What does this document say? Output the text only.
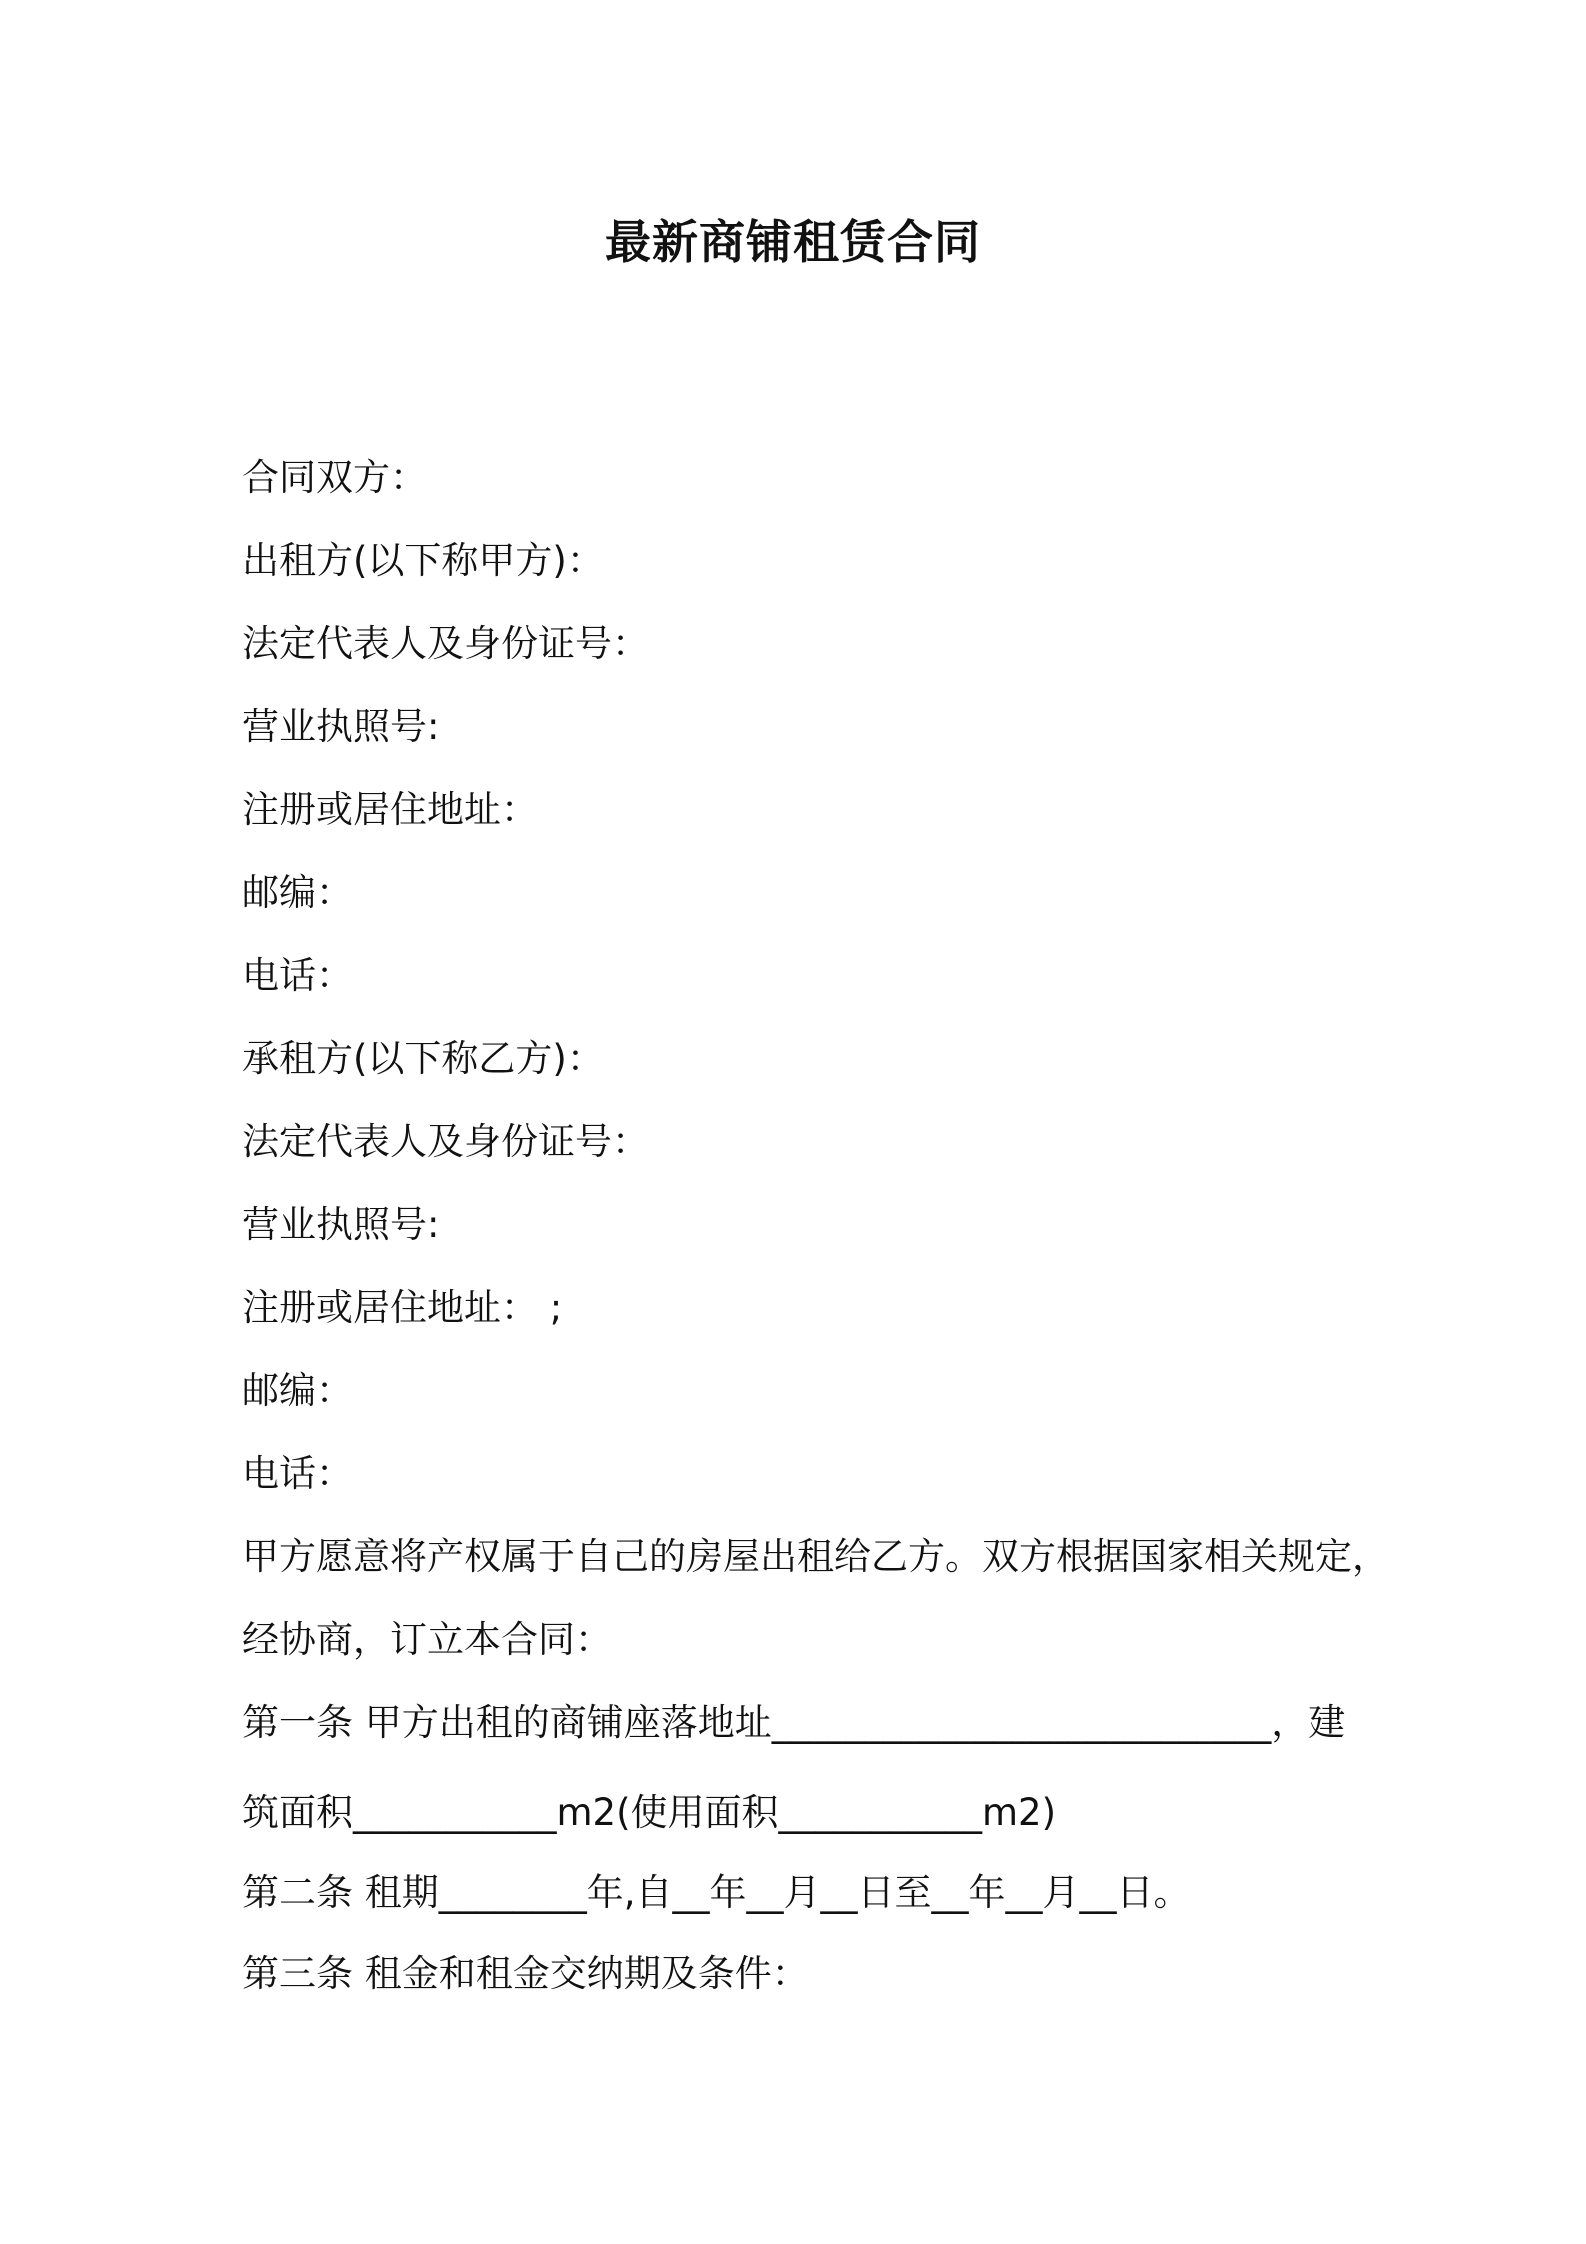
最新商铺租赁合同
合同双方：
出租方(以下称甲方)：
法定代表人及身份证号：
营业执照号:
注册或居住地址：
邮编：
电话：
承租方(以下称乙方)：
法定代表人及身份证号：
营业执照号:
注册或居住地址： ;
邮编：
电话：
甲方愿意将产权属于自己的房屋出租给乙方。双方根据国家相关规定，
经协商，订立本合同：
第一条 甲方出租的商铺座落地址___________________________，建
筑面积___________m2(使用面积___________m2)
第二条 租期________年,自__年__月__日至__年__月__日。
第三条 租金和租金交纳期及条件：
